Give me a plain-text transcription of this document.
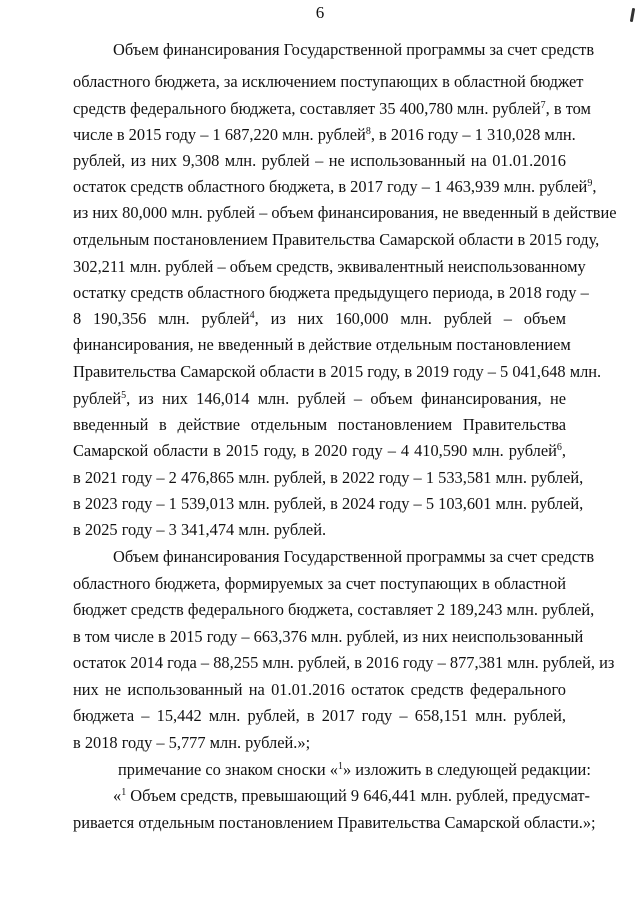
6
Объем финансирования Государственной программы за счет средств
областного бюджета, за исключением поступающих в областной бюджет
средств федерального бюджета, составляет 35 400,780 млн. рублей$^7$, в том
числе в 2015 году – 1 687,220 млн. рублей$^8$, в 2016 году – 1 310,028 млн.
рублей, из них 9,308 млн. рублей – не использованный на 01.01.2016
остаток средств областного бюджета, в 2017 году – 1 463,939 млн. рублей$^9$,
из них 80,000 млн. рублей – объем финансирования, не введенный в действие
отдельным постановлением Правительства Самарской области в 2015 году,
302,211 млн. рублей – объем средств, эквивалентный неиспользованному
остатку средств областного бюджета предыдущего периода, в 2018 году –
8 190,356 млн. рублей$^4$, из них 160,000 млн. рублей – объем
финансирования, не введенный в действие отдельным постановлением
Правительства Самарской области в 2015 году, в 2019 году – 5 041,648 млн.
рублей$^5$, из них 146,014 млн. рублей – объем финансирования, не
введенный в действие отдельным постановлением Правительства
Самарской области в 2015 году, в 2020 году – 4 410,590 млн. рублей$^6$,
в 2021 году – 2 476,865 млн. рублей, в 2022 году – 1 533,581 млн. рублей,
в 2023 году – 1 539,013 млн. рублей, в 2024 году – 5 103,601 млн. рублей,
в 2025 году – 3 341,474 млн. рублей.
Объем финансирования Государственной программы за счет средств
областного бюджета, формируемых за счет поступающих в областной
бюджет средств федерального бюджета, составляет 2 189,243 млн. рублей,
в том числе в 2015 году – 663,376 млн. рублей, из них неиспользованный
остаток 2014 года – 88,255 млн. рублей, в 2016 году – 877,381 млн. рублей, из
них не использованный на 01.01.2016 остаток средств федерального
бюджета – 15,442 млн. рублей, в 2017 году – 658,151 млн. рублей,
в 2018 году – 5,777 млн. рублей.»;
примечание со знаком сноски «$^1$» изложить в следующей редакции:
«$^1$ Объем средств, превышающий 9 646,441 млн. рублей, предусмат-
ривается отдельным постановлением Правительства Самарской области.»;
